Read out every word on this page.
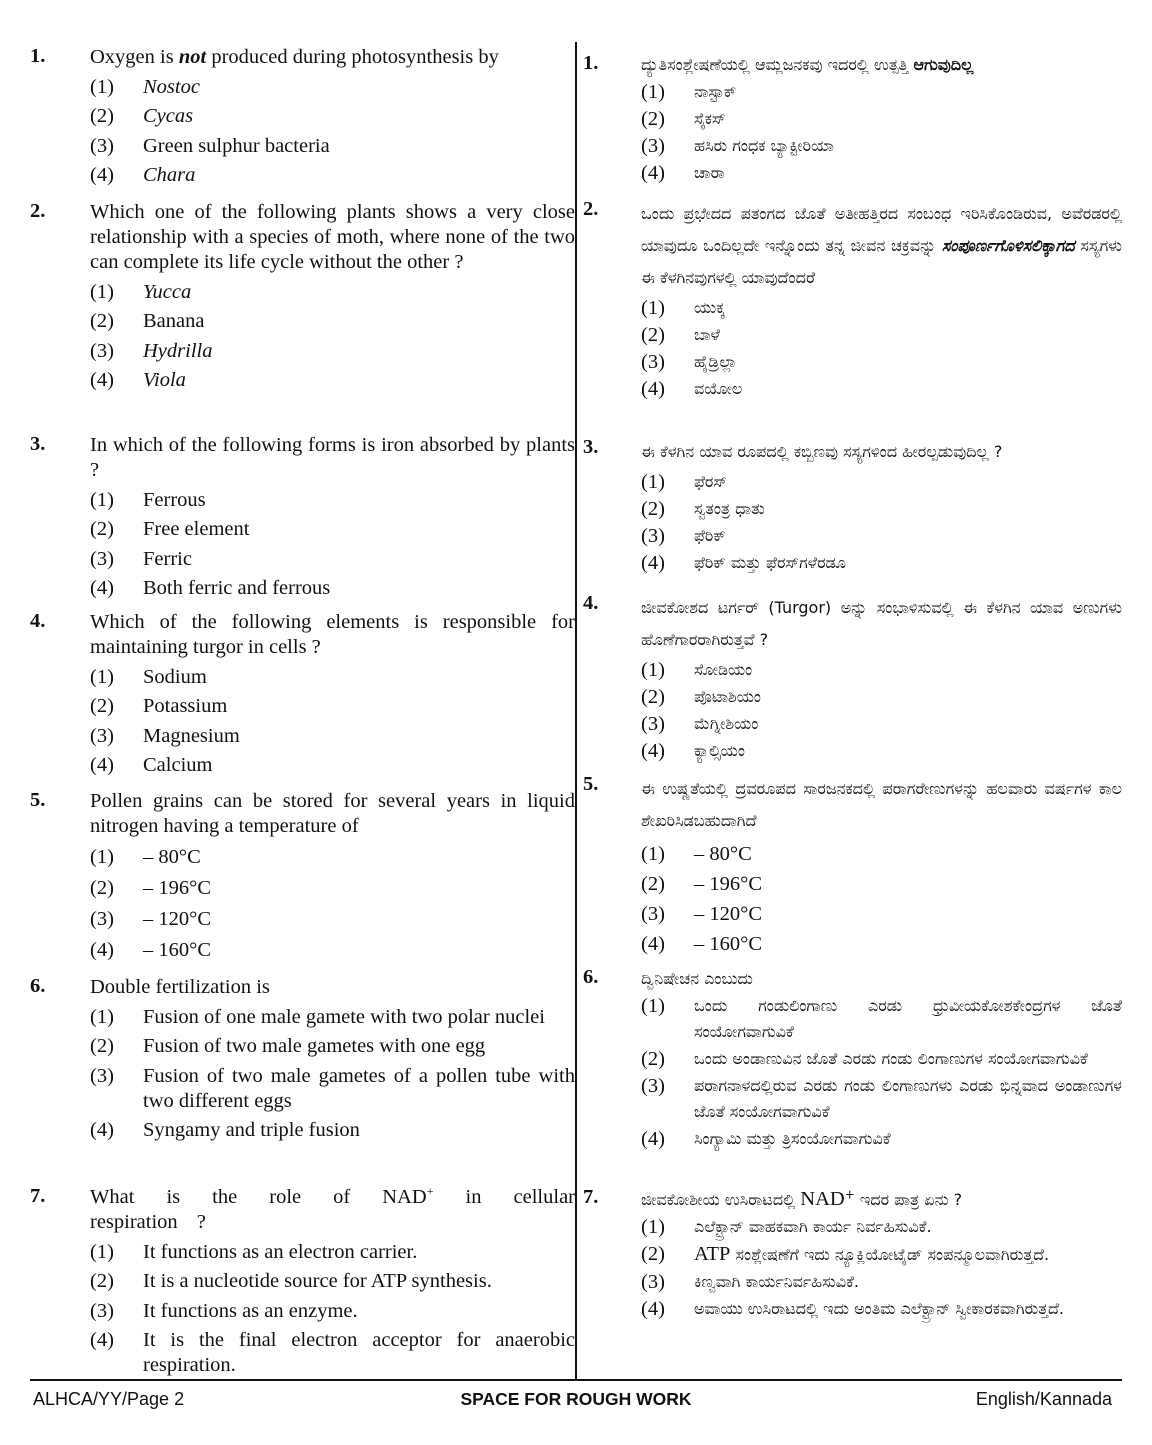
1. Oxygen is not produced during photosynthesis by
(1)	Nostoc
(2)	Cycas
(3)	Green sulphur bacteria
(4)	Chara
2. Which one of the following plants shows a very close relationship with a species of moth, where none of the two can complete its life cycle without the other ?
(1)	Yucca
(2)	Banana
(3)	Hydrilla
(4)	Viola
3. In which of the following forms is iron absorbed by plants ?
(1)	Ferrous
(2)	Free element
(3)	Ferric
(4)	Both ferric and ferrous
4. Which of the following elements is responsible for maintaining turgor in cells ?
(1)	Sodium
(2)	Potassium
(3)	Magnesium
(4)	Calcium
5. Pollen grains can be stored for several years in liquid nitrogen having a temperature of
(1)	– 80°C
(2)	– 196°C
(3)	– 120°C
(4)	– 160°C
6. Double fertilization is
(1)	Fusion of one male gamete with two polar nuclei
(2)	Fusion of two male gametes with one egg
(3)	Fusion of two male gametes of a pollen tube with two different eggs
(4)	Syngamy and triple fusion
7. What is the role of NAD+ in cellular respiration ?
(1)	It functions as an electron carrier.
(2)	It is a nucleotide source for ATP synthesis.
(3)	It functions as an enzyme.
(4)	It is the final electron acceptor for anaerobic respiration.
1.	ದ್ಯುತಿಸಂಶ್ಲೇಷಣೆಯಲ್ಲಿ ಆಮ್ಲಜನಕವು ಇದರಲ್ಲಿ ಉತ್ಪತ್ತಿ ಆಗುವುದಿಲ್ಲ
(1)	ನಾಸ್ಟಾಕ್
(2)	ಸೈಕಸ್
(3)	ಹಸಿರು ಗಂಧಕ ಬ್ಯಾಕ್ಟೀರಿಯಾ
(4)	ಚಾರಾ
2.	ಒಂದು ಪ್ರಭೇದದ ಪತಂಗದ ಜೊತೆ ಅತೀಹತ್ತಿರದ ಸಂಬಂಧ ಇರಿಸಿಕೊಂಡಿರುವ, ಅವೆರಡರಲ್ಲಿ ಯಾವುದೂ ಒಂದಿಲ್ಲದೇ ಇನ್ನೊಂದು ತನ್ನ ಜೀವನ ಚಕ್ರವನ್ನು ಸಂಪೂರ್ಣಗೊಳಿಸಲಿಕ್ಕಾಗದ ಸಸ್ಯಗಳು ಈ ಕೆಳಗಿನವುಗಳಲ್ಲಿ ಯಾವುದೆಂದರೆ
(1)	ಯುಕ್ಕ
(2)	ಬಾಳೆ
(3)	ಹೈಡ್ರಿಲ್ಲಾ
(4)	ವಯೋಲ
3.	ಈ ಕೆಳಗಿನ ಯಾವ ರೂಪದಲ್ಲಿ ಕಬ್ಬಿಣವು ಸಸ್ಯಗಳಿಂದ ಹೀರಲ್ಪಡುವುದಿಲ್ಲ ?
(1)	ಫೆರಸ್
(2)	ಸ್ವತಂತ್ರ ಧಾತು
(3)	ಫೆರಿಕ್
(4)	ಫೆರಿಕ್ ಮತ್ತು ಫೆರಸ್‌ಗಳೆರಡೂ
4.	ಜೀವಕೋಶದ ಟರ್ಗರ್ (Turgor) ಅನ್ನು ಸಂಭಾಳಿಸುವಲ್ಲಿ ಈ ಕೆಳಗಿನ ಯಾವ ಅಣುಗಳು ಹೊಣೆಗಾರರಾಗಿರುತ್ತವೆ ?
(1)	ಸೋಡಿಯಂ
(2)	ಪೊಟಾಶಿಯಂ
(3)	ಮೆಗ್ನೀಶಿಯಂ
(4)	ಕ್ಯಾಲ್ಸಿಯಂ
5.	ಈ ಉಷ್ಣತೆಯಲ್ಲಿ ದ್ರವರೂಪದ ಸಾರಜನಕದಲ್ಲಿ ಪರಾಗರೇಣುಗಳನ್ನು ಹಲವಾರು ವರ್ಷಗಳ ಕಾಲ ಶೇಖರಿಸಿಡಬಹುದಾಗಿದೆ
(1)	– 80°C
(2)	– 196°C
(3)	– 120°C
(4)	– 160°C
6.	ದ್ವಿನಿಷೇಚನ ಎಂಬುದು
(1)	ಒಂದು ಗಂಡುಲಿಂಗಾಣು ಎರಡು ಧ್ರುವೀಯಕೋಶಕೇಂದ್ರಗಳ ಜೊತೆ ಸಂಯೋಗವಾಗುವಿಕೆ
(2)	ಒಂದು ಅಂಡಾಣುವಿನ ಜೊತೆ ಎರಡು ಗಂಡು ಲಿಂಗಾಣುಗಳ ಸಂಯೋಗವಾಗುವಿಕೆ
(3)	ಪರಾಗನಾಳದಲ್ಲಿರುವ ಎರಡು ಗಂಡು ಲಿಂಗಾಣುಗಳು ಎರಡು ಭಿನ್ನವಾದ ಅಂಡಾಣುಗಳ ಜೊತೆ ಸಂಯೋಗವಾಗುವಿಕೆ
(4)	ಸಿಂಗ್ಯಾಮಿ ಮತ್ತು ತ್ರಿಸಂಯೋಗವಾಗುವಿಕೆ
7.	ಜೀವಕೋಶೀಯ ಉಸಿರಾಟದಲ್ಲಿ NAD+ ಇದರ ಪಾತ್ರ ಏನು ?
(1)	ಎಲೆಕ್ಟ್ರಾನ್ ವಾಹಕವಾಗಿ ಕಾರ್ಯ ನಿರ್ವಹಿಸುವಿಕೆ.
(2)	ATP ಸಂಶ್ಲೇಷಣೆಗೆ ಇದು ನ್ಯೂಕ್ಲಿಯೋಟೈಡ್ ಸಂಪನ್ಮೂಲವಾಗಿರುತ್ತದೆ.
(3)	ಕಿಣ್ವವಾಗಿ ಕಾರ್ಯನಿರ್ವಹಿಸುವಿಕೆ.
(4)	ಅವಾಯು ಉಸಿರಾಟದಲ್ಲಿ ಇದು ಅಂತಿಮ ಎಲೆಕ್ಟ್ರಾನ್ ಸ್ವೀಕಾರಕವಾಗಿರುತ್ತದೆ.
ALHCA/YY/Page 2	SPACE FOR ROUGH WORK	English/Kannada
